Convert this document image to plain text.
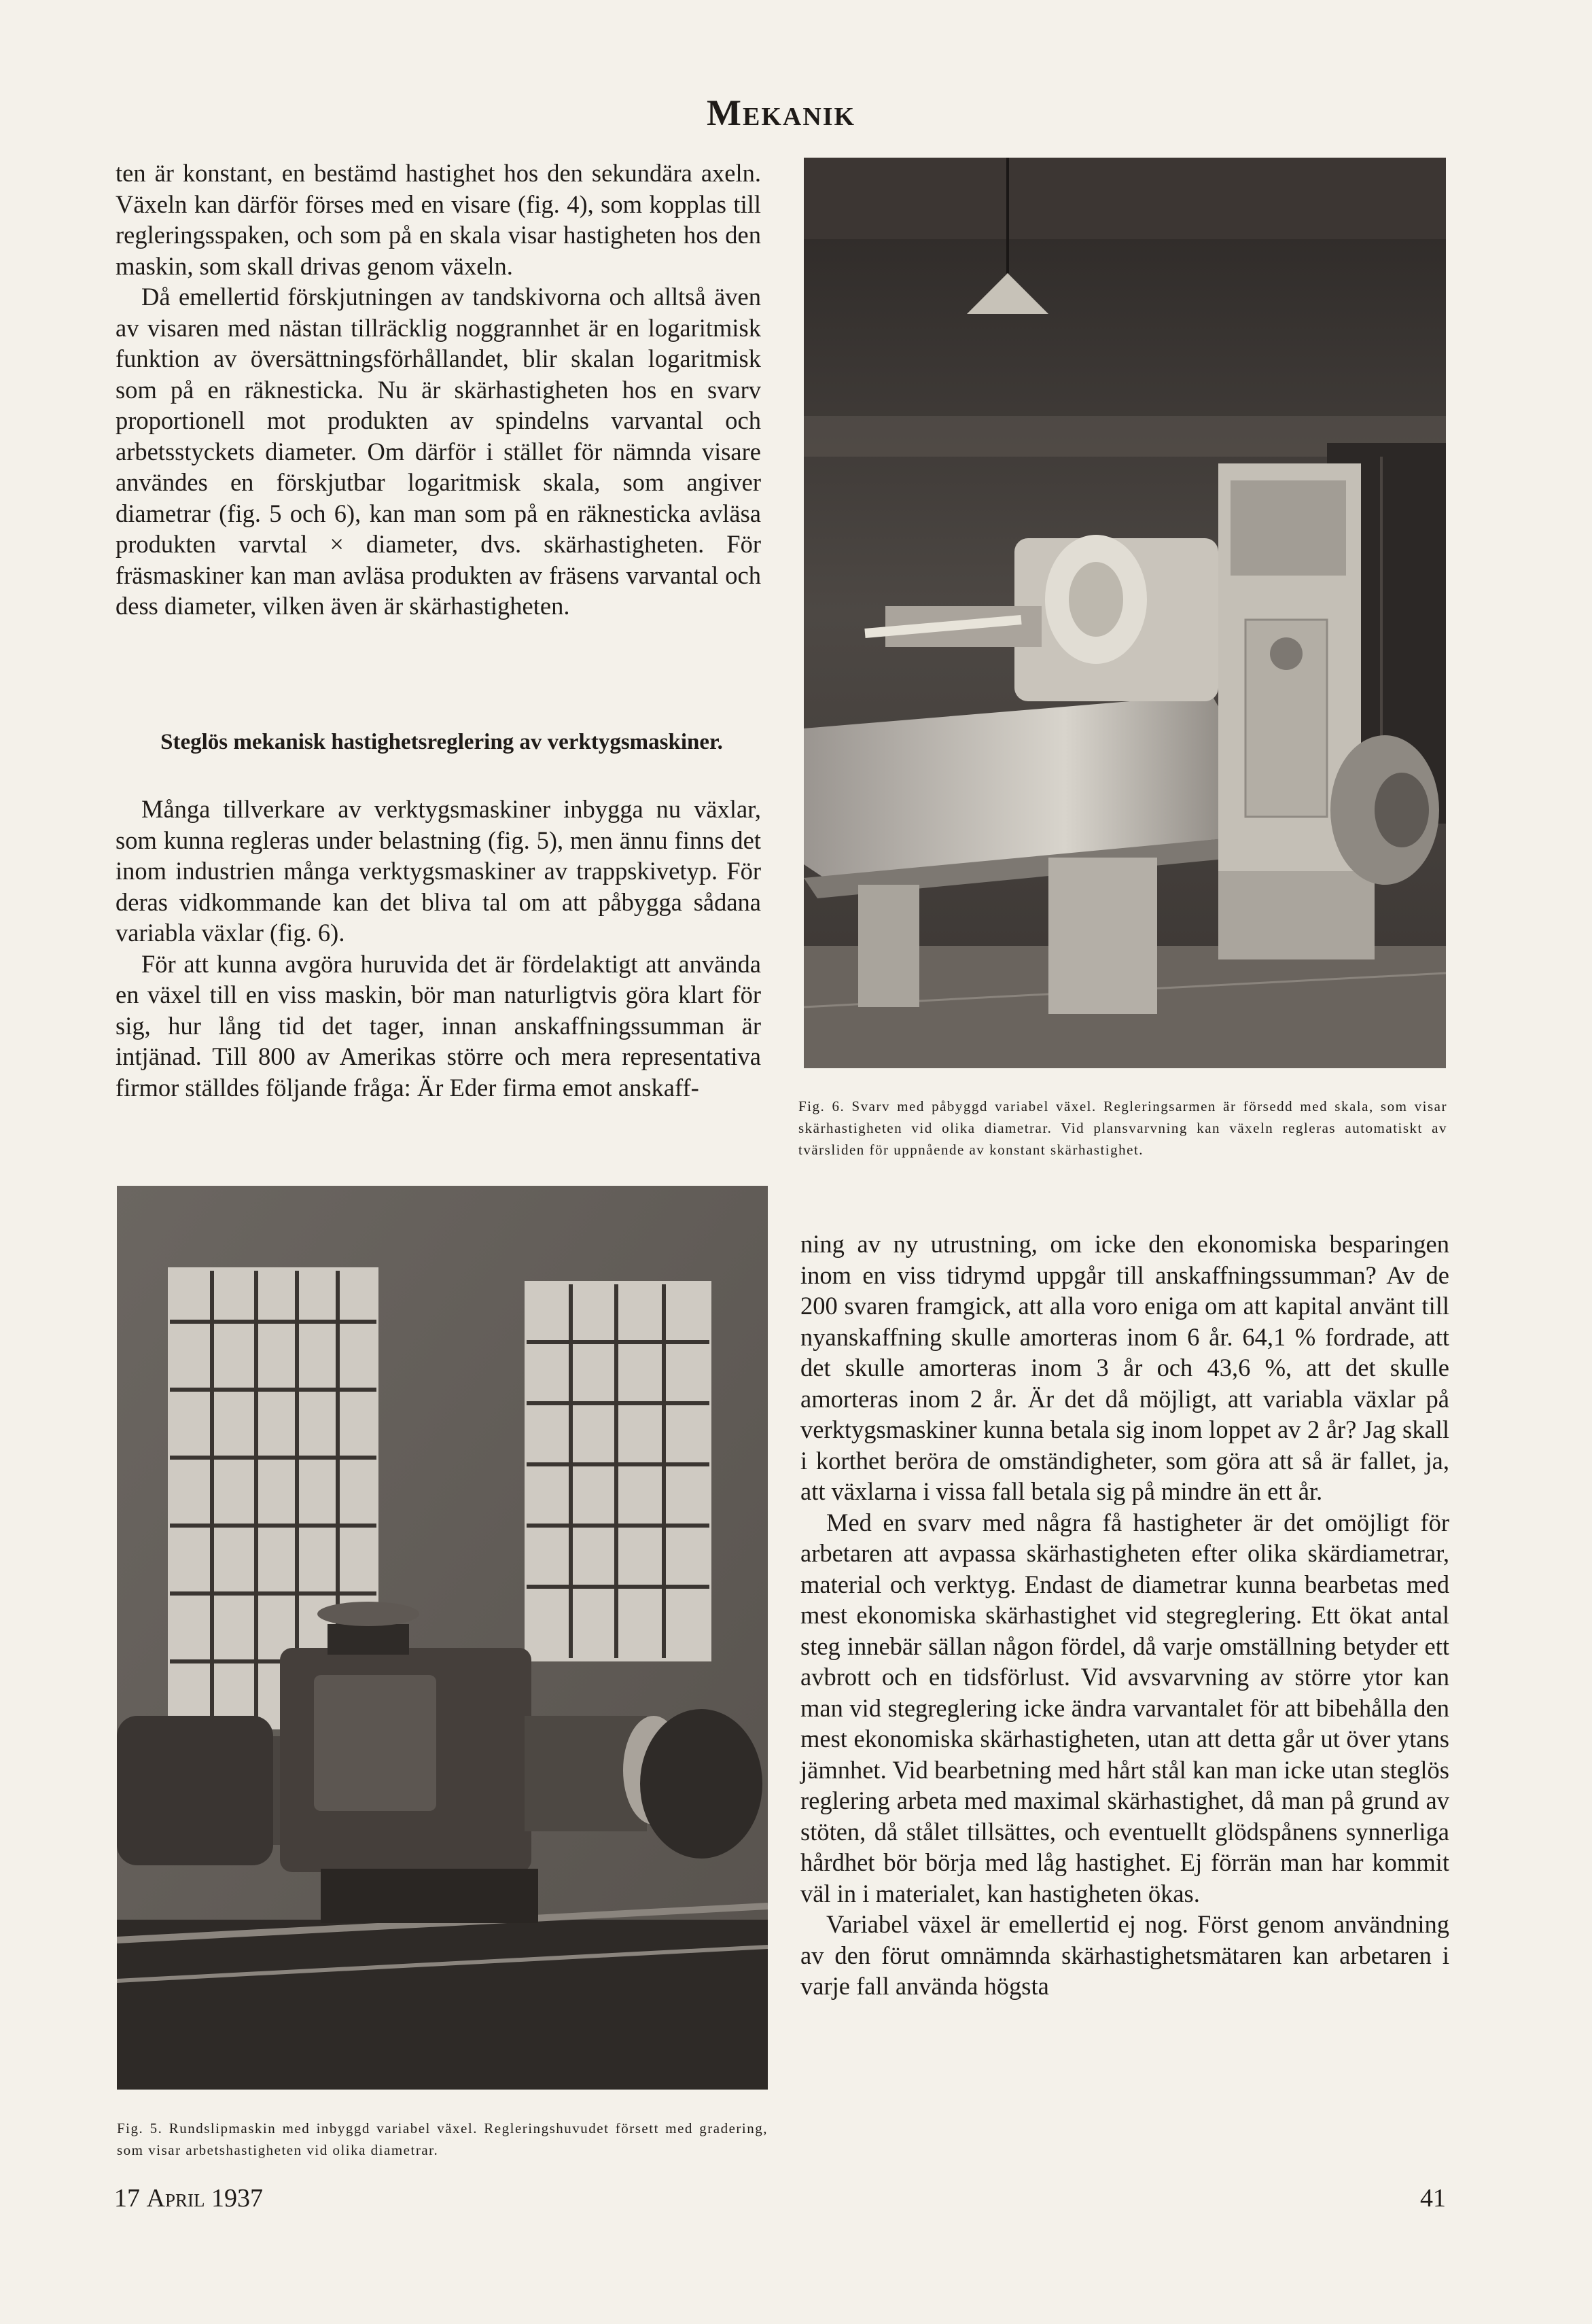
Mekanik

ten är konstant, en bestämd hastighet hos den sekundära axeln. Växeln kan därför förses med en visare (fig. 4), som kopplas till regleringsspaken, och som på en skala visar hastigheten hos den maskin, som skall drivas genom växeln.

Då emellertid förskjutningen av tandskivorna och alltså även av visaren med nästan tillräcklig noggrannhet är en logaritmisk funktion av översättningsförhållandet, blir skalan logaritmisk som på en räknesticka. Nu är skärhastigheten hos en svarv proportionell mot produkten av spindelns varvantal och arbetsstyckets diameter. Om därför i stället för nämnda visare användes en förskjutbar logaritmisk skala, som angiver diametrar (fig. 5 och 6), kan man som på en räknesticka avläsa produkten varvtal × diameter, dvs. skärhastigheten. För fräsmaskiner kan man avläsa produkten av fräsens varvantal och dess diameter, vilken även är skärhastigheten.

Steglös mekanisk hastighetsreglering av verktygsmaskiner.

Många tillverkare av verktygsmaskiner inbygga nu växlar, som kunna regleras under belastning (fig. 5), men ännu finns det inom industrien många verktygsmaskiner av trappskivetyp. För deras vidkommande kan det bliva tal om att påbygga sådana variabla växlar (fig. 6).

För att kunna avgöra huruvida det är fördelaktigt att använda en växel till en viss maskin, bör man naturligtvis göra klart för sig, hur lång tid det tager, innan anskaffningssumman är intjänad. Till 800 av Amerikas större och mera representativa firmor ställdes följande fråga: Är Eder firma emot anskaff-

Fig. 6. Svarv med påbyggd variabel växel. Regleringsarmen är försedd med skala, som visar skärhastigheten vid olika diametrar. Vid plansvarvning kan växeln regleras automatiskt av tvärsliden för uppnående av konstant skärhastighet.
Fig. 5. Rundslipmaskin med inbyggd variabel växel. Regleringshuvudet försett med gradering, som visar arbetshastigheten vid olika diametrar.

ning av ny utrustning, om icke den ekonomiska besparingen inom en viss tidrymd uppgår till anskaffningssumman? Av de 200 svaren framgick, att alla voro eniga om att kapital använt till nyanskaffning skulle amorteras inom 6 år. 64,1 % fordrade, att det skulle amorteras inom 3 år och 43,6 %, att det skulle amorteras inom 2 år. Är det då möjligt, att variabla växlar på verktygsmaskiner kunna betala sig inom loppet av 2 år? Jag skall i korthet beröra de omständigheter, som göra att så är fallet, ja, att växlarna i vissa fall betala sig på mindre än ett år.

Med en svarv med några få hastigheter är det omöjligt för arbetaren att avpassa skärhastigheten efter olika skärdiametrar, material och verktyg. Endast de diametrar kunna bearbetas med mest ekonomiska skärhastighet vid stegreglering. Ett ökat antal steg innebär sällan någon fördel, då varje omställning betyder ett avbrott och en tidsförlust. Vid avsvarvning av större ytor kan man vid stegreglering icke ändra varvantalet för att bibehålla den mest ekonomiska skärhastigheten, utan att detta går ut över ytans jämnhet. Vid bearbetning med hårt stål kan man icke utan steglös reglering arbeta med maximal skärhastighet, då man på grund av stöten, då stålet tillsättes, och eventuellt glödspånens synnerliga hårdhet bör börja med låg hastighet. Ej förrän man har kommit väl in i materialet, kan hastigheten ökas.

Variabel växel är emellertid ej nog. Först genom användning av den förut omnämnda skärhastighetsmätaren kan arbetaren i varje fall använda högsta

17 April 1937	41
